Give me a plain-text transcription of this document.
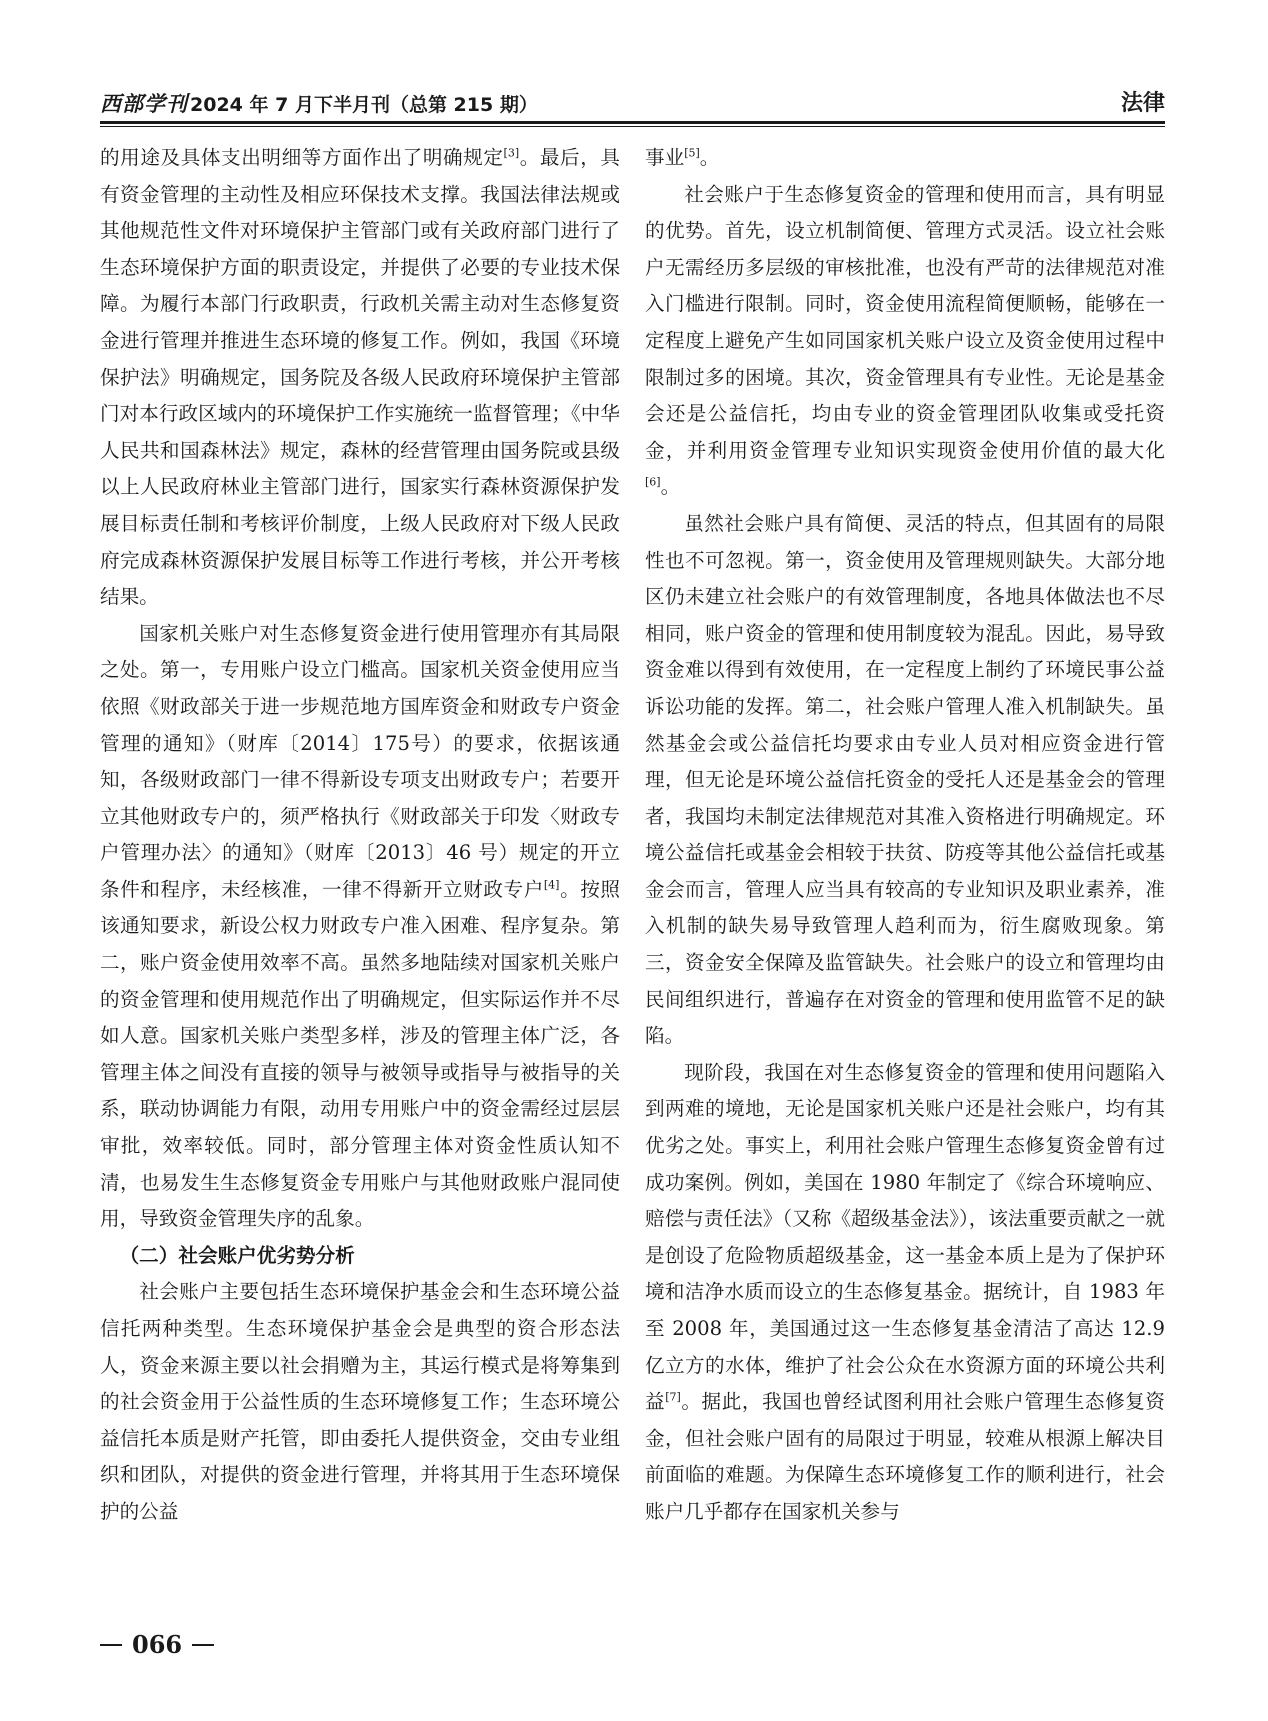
西部学刊 2024 年 7 月下半月刊（总第 215 期）	法律

的用途及具体支出明细等方面作出了明确规定[3]。最后，具有资金管理的主动性及相应环保技术支撑。我国法律法规或其他规范性文件对环境保护主管部门或有关政府部门进行了生态环境保护方面的职责设定，并提供了必要的专业技术保障。为履行本部门行政职责，行政机关需主动对生态修复资金进行管理并推进生态环境的修复工作。例如，我国《环境保护法》明确规定，国务院及各级人民政府环境保护主管部门对本行政区域内的环境保护工作实施统一监督管理；《中华人民共和国森林法》规定，森林的经营管理由国务院或县级以上人民政府林业主管部门进行，国家实行森林资源保护发展目标责任制和考核评价制度，上级人民政府对下级人民政府完成森林资源保护发展目标等工作进行考核，并公开考核结果。

国家机关账户对生态修复资金进行使用管理亦有其局限之处。第一，专用账户设立门槛高。国家机关资金使用应当依照《财政部关于进一步规范地方国库资金和财政专户资金管理的通知》（财库〔2014〕175号）的要求，依据该通知，各级财政部门一律不得新设专项支出财政专户；若要开立其他财政专户的，须严格执行《财政部关于印发〈财政专户管理办法〉的通知》（财库〔2013〕46 号）规定的开立条件和程序，未经核准，一律不得新开立财政专户[4]。按照该通知要求，新设公权力财政专户准入困难、程序复杂。第二，账户资金使用效率不高。虽然多地陆续对国家机关账户的资金管理和使用规范作出了明确规定，但实际运作并不尽如人意。国家机关账户类型多样，涉及的管理主体广泛，各管理主体之间没有直接的领导与被领导或指导与被指导的关系，联动协调能力有限，动用专用账户中的资金需经过层层审批，效率较低。同时，部分管理主体对资金性质认知不清，也易发生生态修复资金专用账户与其他财政账户混同使用，导致资金管理失序的乱象。

（二）社会账户优劣势分析

社会账户主要包括生态环境保护基金会和生态环境公益信托两种类型。生态环境保护基金会是典型的资合形态法人，资金来源主要以社会捐赠为主，其运行模式是将筹集到的社会资金用于公益性质的生态环境修复工作；生态环境公益信托本质是财产托管，即由委托人提供资金，交由专业组织和团队，对提供的资金进行管理，并将其用于生态环境保护的公益

事业[5]。

社会账户于生态修复资金的管理和使用而言，具有明显的优势。首先，设立机制简便、管理方式灵活。设立社会账户无需经历多层级的审核批准，也没有严苛的法律规范对准入门槛进行限制。同时，资金使用流程简便顺畅，能够在一定程度上避免产生如同国家机关账户设立及资金使用过程中限制过多的困境。其次，资金管理具有专业性。无论是基金会还是公益信托，均由专业的资金管理团队收集或受托资金，并利用资金管理专业知识实现资金使用价值的最大化[6]。

虽然社会账户具有简便、灵活的特点，但其固有的局限性也不可忽视。第一，资金使用及管理规则缺失。大部分地区仍未建立社会账户的有效管理制度，各地具体做法也不尽相同，账户资金的管理和使用制度较为混乱。因此，易导致资金难以得到有效使用，在一定程度上制约了环境民事公益诉讼功能的发挥。第二，社会账户管理人准入机制缺失。虽然基金会或公益信托均要求由专业人员对相应资金进行管理，但无论是环境公益信托资金的受托人还是基金会的管理者，我国均未制定法律规范对其准入资格进行明确规定。环境公益信托或基金会相较于扶贫、防疫等其他公益信托或基金会而言，管理人应当具有较高的专业知识及职业素养，准入机制的缺失易导致管理人趋利而为，衍生腐败现象。第三，资金安全保障及监管缺失。社会账户的设立和管理均由民间组织进行，普遍存在对资金的管理和使用监管不足的缺陷。

现阶段，我国在对生态修复资金的管理和使用问题陷入到两难的境地，无论是国家机关账户还是社会账户，均有其优劣之处。事实上，利用社会账户管理生态修复资金曾有过成功案例。例如，美国在 1980 年制定了《综合环境响应、赔偿与责任法》（又称《超级基金法》），该法重要贡献之一就是创设了危险物质超级基金，这一基金本质上是为了保护环境和洁净水质而设立的生态修复基金。据统计，自 1983 年至 2008 年，美国通过这一生态修复基金清洁了高达 12.9 亿立方的水体，维护了社会公众在水资源方面的环境公共利益[7]。据此，我国也曾经试图利用社会账户管理生态修复资金，但社会账户固有的局限过于明显，较难从根源上解决目前面临的难题。为保障生态环境修复工作的顺利进行，社会账户几乎都存在国家机关参与

066
